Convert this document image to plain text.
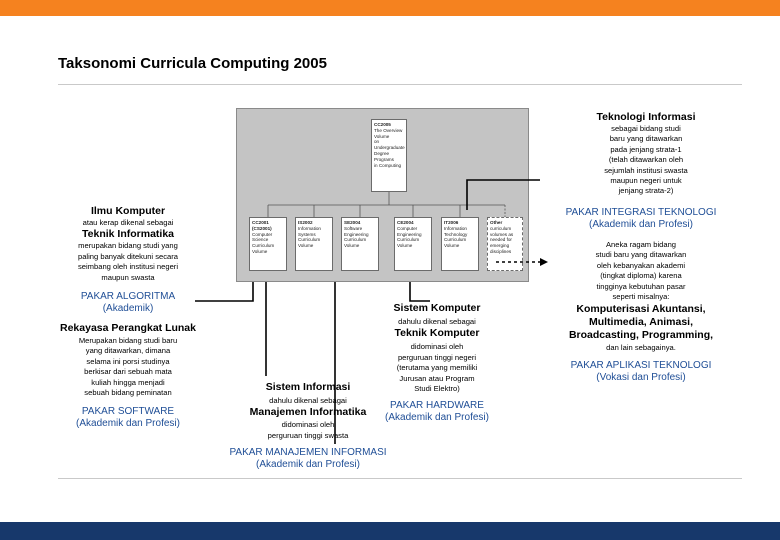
Taksonomi Curricula Computing 2005
CC2005
The Overview
Volume
on
Undergraduate
Degree
Programs
in Computing
CC2001
(CS2001)
Computer
Science
Curriculum
Volume
IS2002
Information
Systems
Curriculum
Volume
SE2004
Software
Engineering
Curriculum
Volume
CE2004
Computer
Engineering
Curriculum
Volume
IT2006
Information
Technology
Curriculum
Volume
Other
curriculum
volumes as
needed for
emerging
disciplines
Teknologi Informasi
sebagai bidang studi
baru yang ditawarkan
pada jenjang strata-1
(telah ditawarkan oleh
sejumlah institusi swasta
maupun negeri untuk
jenjang strata-2)
Ilmu Komputer
atau kerap dikenal sebagai
Teknik Informatika
merupakan bidang studi yang
paling banyak ditekuni secara
seimbang oleh institusi negeri
maupun swasta
PAKAR ALGORITMA
(Akademik)
Rekayasa Perangkat Lunak
Merupakan bidang studi baru
yang ditawarkan, dimana
selama ini porsi studinya
berkisar dari sebuah mata
kuliah hingga menjadi
sebuah bidang peminatan
PAKAR SOFTWARE
(Akademik dan Profesi)
Sistem Komputer
dahulu dikenal sebagai
Teknik Komputer
didominasi oleh
perguruan tinggi negeri
(terutama yang memiliki
Jurusan atau Program
Studi Elektro)
PAKAR HARDWARE
(Akademik dan Profesi)
Sistem Informasi
dahulu dikenal sebagai
Manajemen Informatika
didominasi oleh
perguruan tinggi swasta
PAKAR MANAJEMEN INFORMASI
(Akademik dan Profesi)
PAKAR INTEGRASI TEKNOLOGI
(Akademik dan Profesi)
Aneka ragam bidang
studi baru yang ditawarkan
oleh kebanyakan akademi
(tingkat diploma) karena
tingginya kebutuhan pasar
seperti misalnya:
Komputerisasi Akuntansi,
Multimedia, Animasi,
Broadcasting, Programming,
dan lain sebagainya.
PAKAR APLIKASI TEKNOLOGI
(Vokasi dan Profesi)
